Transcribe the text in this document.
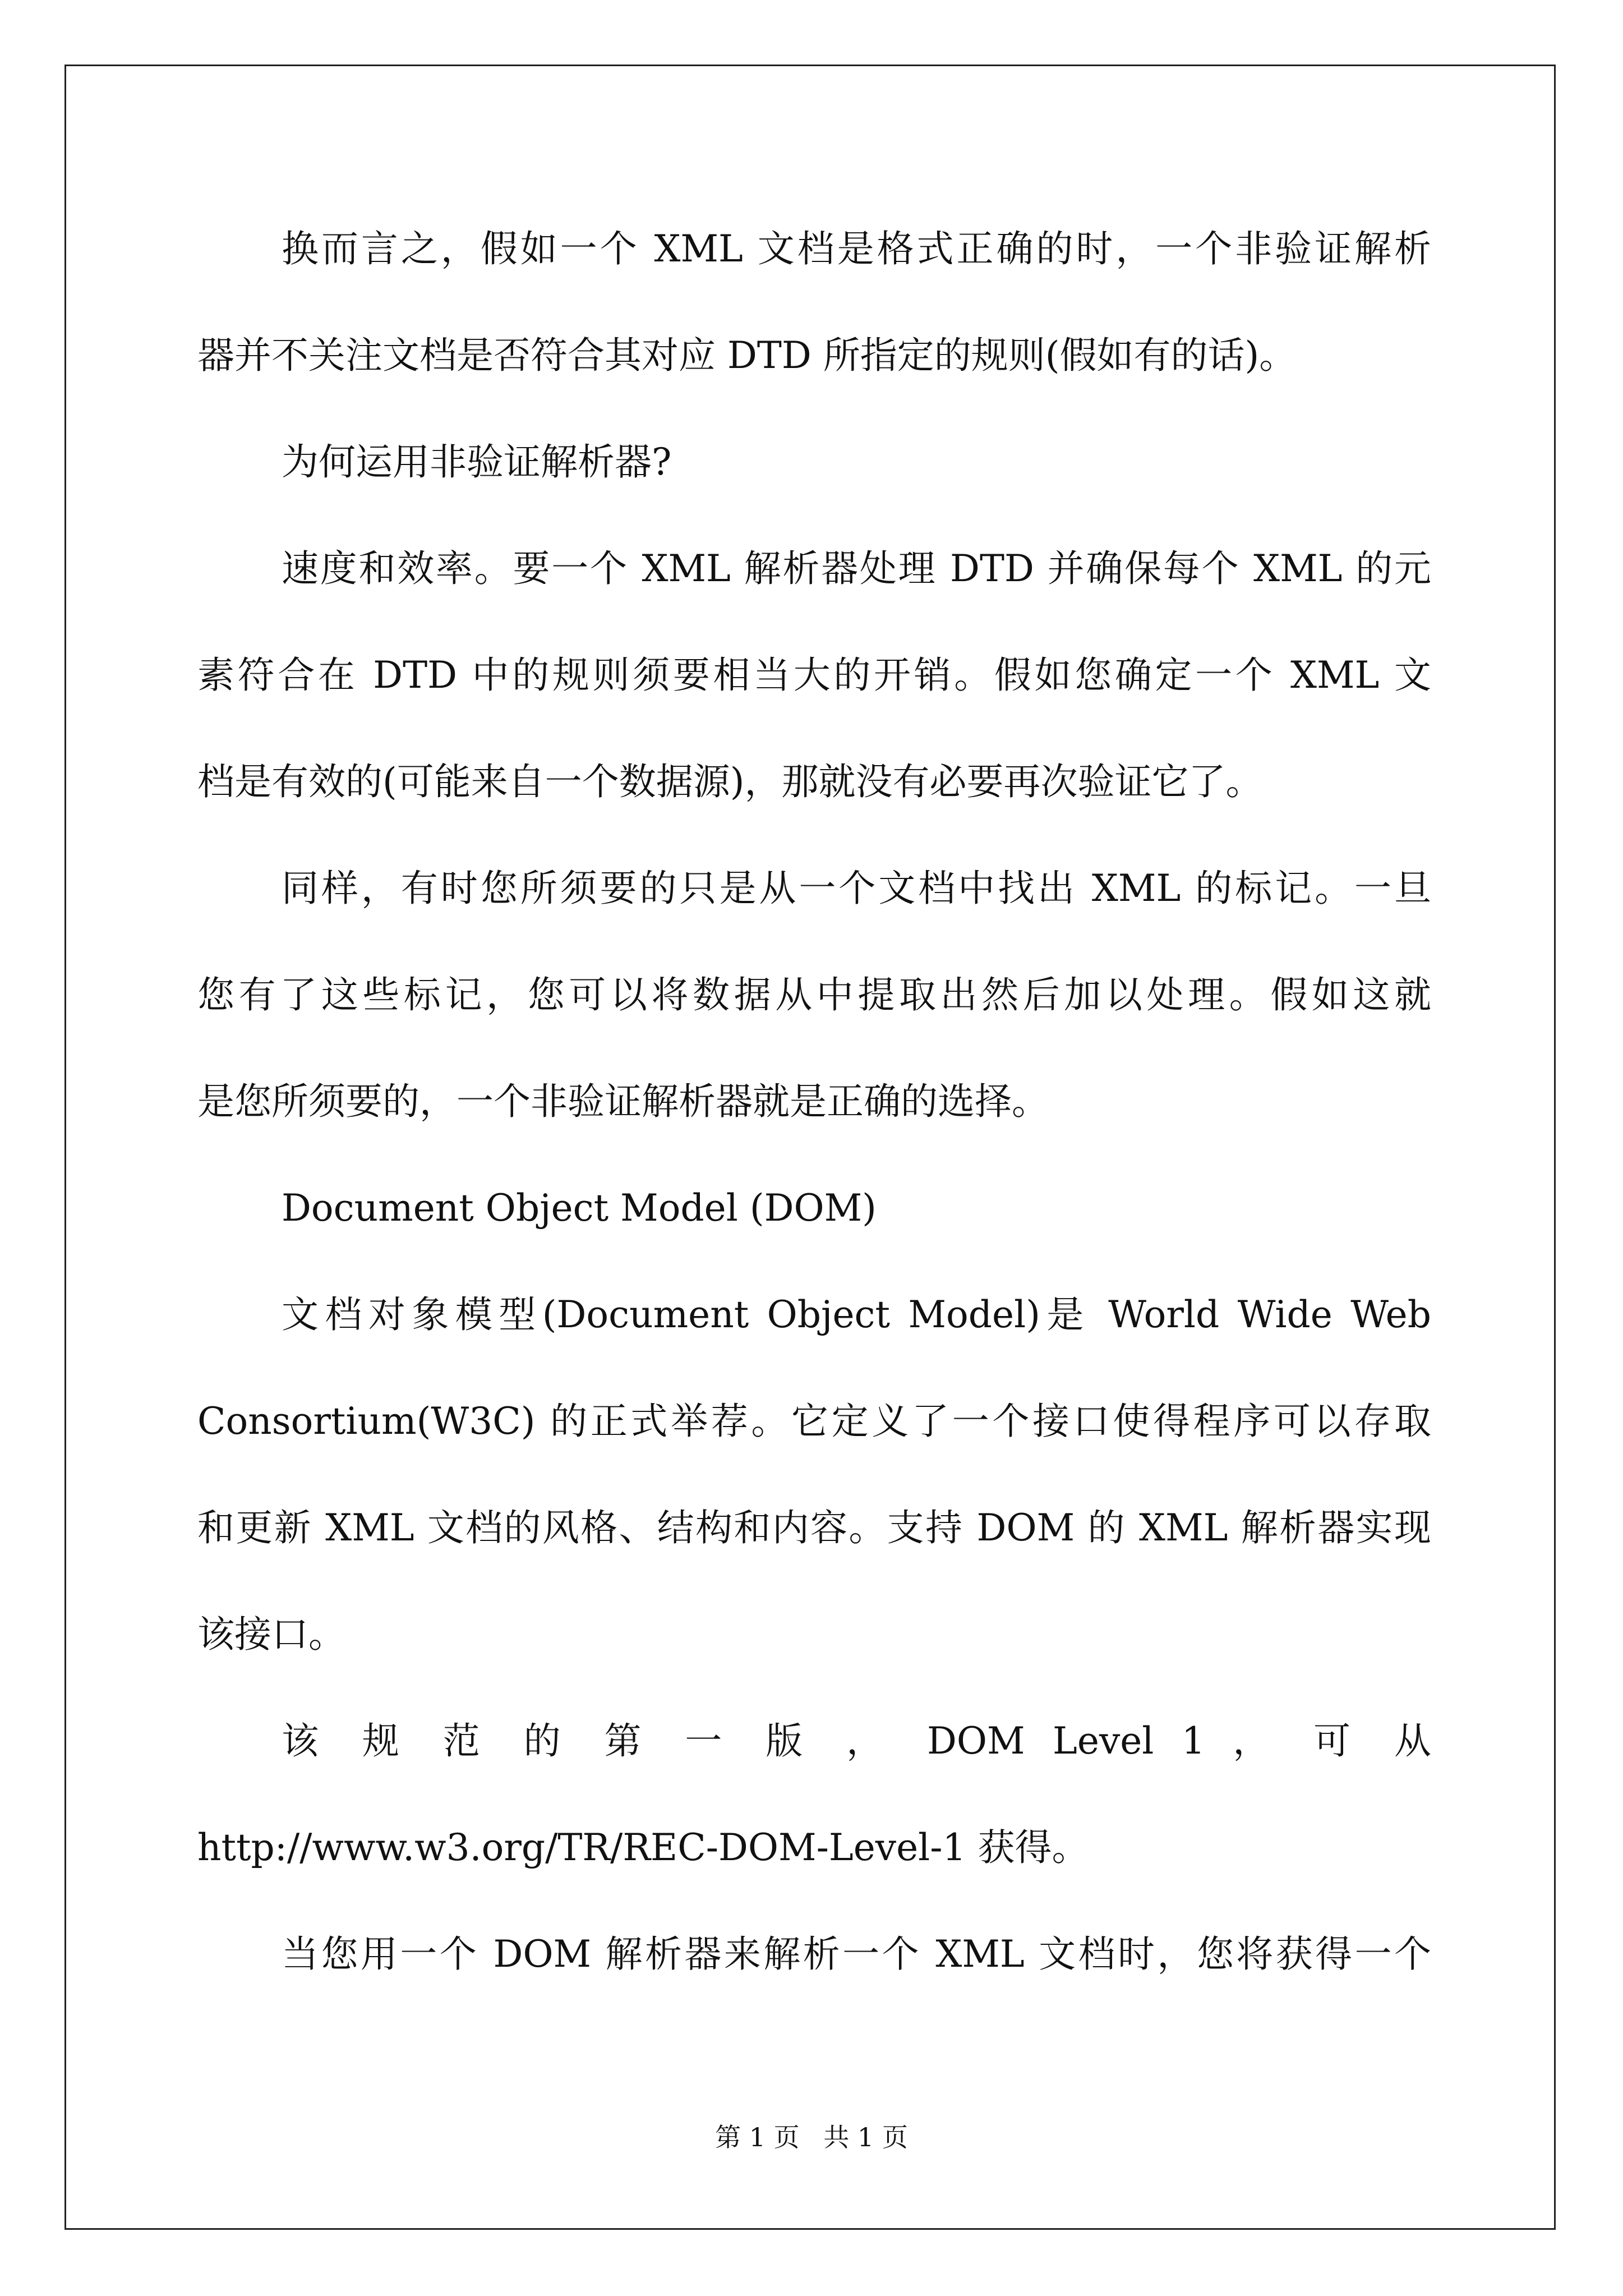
换而言之，假如一个 XML 文档是格式正确的时，一个非验证解析
器并不关注文档是否符合其对应 DTD 所指定的规则(假如有的话)。
为何运用非验证解析器?
速度和效率。要一个 XML 解析器处理 DTD 并确保每个 XML 的元
素符合在 DTD 中的规则须要相当大的开销。假如您确定一个 XML 文
档是有效的(可能来自一个数据源)，那就没有必要再次验证它了。
同样，有时您所须要的只是从一个文档中找出 XML 的标记。一旦
您有了这些标记，您可以将数据从中提取出然后加以处理。假如这就
是您所须要的，一个非验证解析器就是正确的选择。
Document Object Model (DOM)
文档对象模型(Document Object Model)是 World Wide Web
Consortium(W3C) 的正式举荐。它定义了一个接口使得程序可以存取
和更新 XML 文档的风格、结构和内容。支持 DOM 的 XML 解析器实现
该接口。
该 规 范 的 第 一 版 ， DOM Level 1 ， 可 从
http://www.w3.org/TR/REC-DOM-Level-1 获得。
当您用一个 DOM 解析器来解析一个 XML 文档时，您将获得一个
第 1 页 共 1 页
